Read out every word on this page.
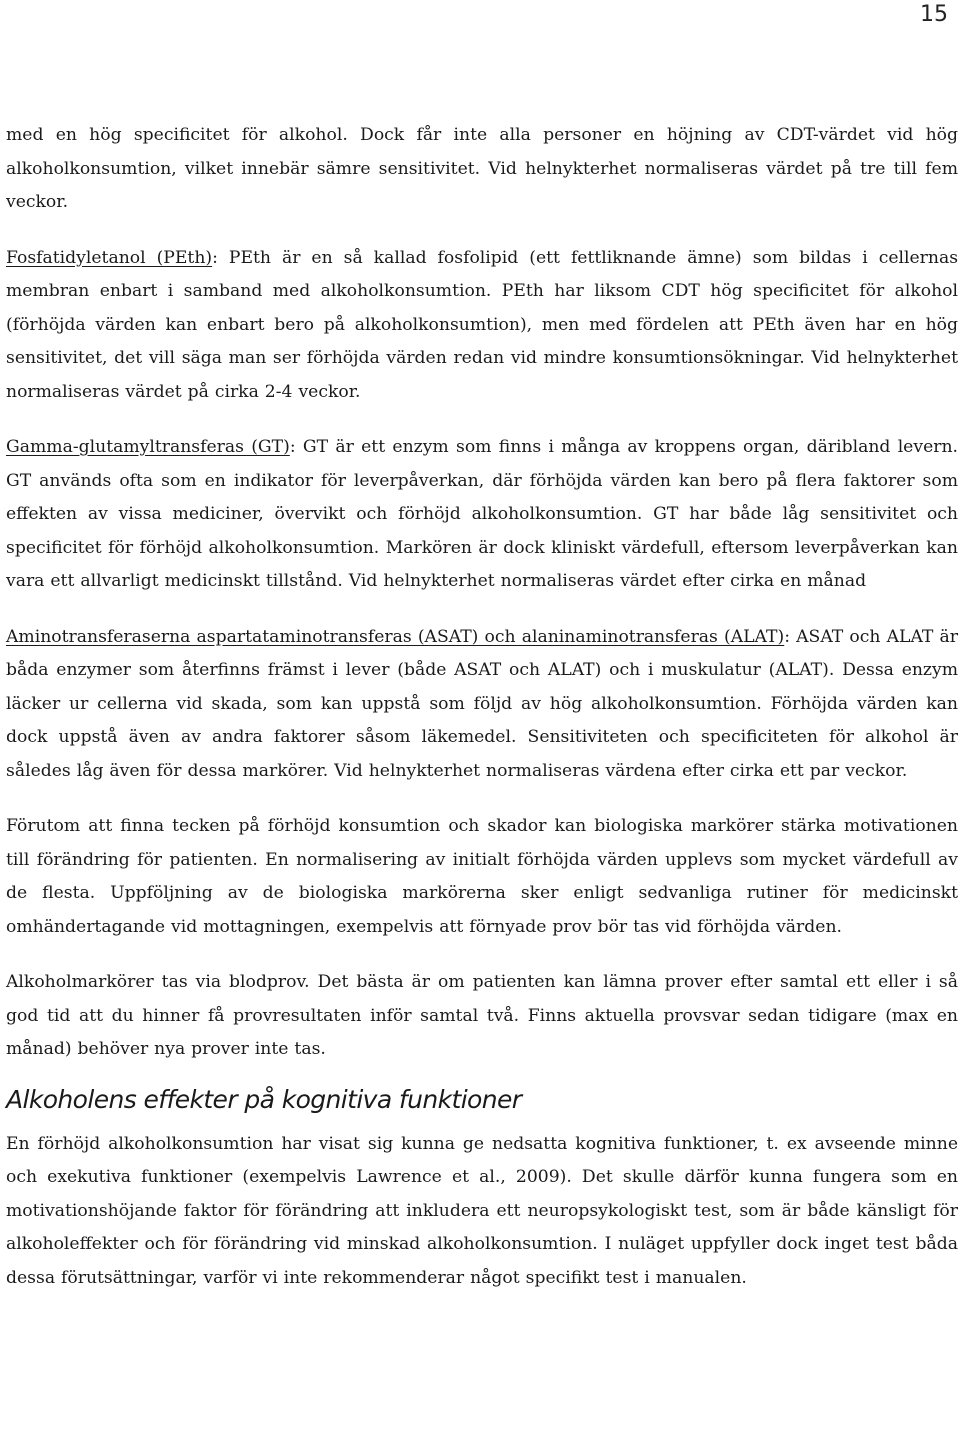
15

med en hög specificitet för alkohol. Dock får inte alla personer en höjning av CDT-värdet vid hög alkoholkonsumtion, vilket innebär sämre sensitivitet. Vid helnykterhet normaliseras värdet på tre till fem veckor.

Fosfatidyletanol (PEth): PEth är en så kallad fosfolipid (ett fettliknande ämne) som bildas i cellernas membran enbart i samband med alkoholkonsumtion. PEth har liksom CDT hög specificitet för alkohol (förhöjda värden kan enbart bero på alkoholkonsumtion), men med fördelen att PEth även har en hög sensitivitet, det vill säga man ser förhöjda värden redan vid mindre konsumtionsökningar. Vid helnykterhet normaliseras värdet på cirka 2-4 veckor.

Gamma-glutamyltransferas (GT): GT är ett enzym som finns i många av kroppens organ, däribland levern. GT används ofta som en indikator för leverpåverkan, där förhöjda värden kan bero på flera faktorer som effekten av vissa mediciner, övervikt och förhöjd alkoholkonsumtion. GT har både låg sensitivitet och specificitet för förhöjd alkoholkonsumtion. Markören är dock kliniskt värdefull, eftersom leverpåverkan kan vara ett allvarligt medicinskt tillstånd. Vid helnykterhet normaliseras värdet efter cirka en månad

Aminotransferaserna aspartataminotransferas (ASAT) och alaninaminotransferas (ALAT): ASAT och ALAT är båda enzymer som återfinns främst i lever (både ASAT och ALAT) och i muskulatur (ALAT). Dessa enzym läcker ur cellerna vid skada, som kan uppstå som följd av hög alkoholkonsumtion. Förhöjda värden kan dock uppstå även av andra faktorer såsom läkemedel. Sensitiviteten och specificiteten för alkohol är således låg även för dessa markörer. Vid helnykterhet normaliseras värdena efter cirka ett par veckor.

Förutom att finna tecken på förhöjd konsumtion och skador kan biologiska markörer stärka motivationen till förändring för patienten. En normalisering av initialt förhöjda värden upplevs som mycket värdefull av de flesta. Uppföljning av de biologiska markörerna sker enligt sedvanliga rutiner för medicinskt omhändertagande vid mottagningen, exempelvis att förnyade prov bör tas vid förhöjda värden.

Alkoholmarkörer tas via blodprov. Det bästa är om patienten kan lämna prover efter samtal ett eller i så god tid att du hinner få provresultaten inför samtal två. Finns aktuella provsvar sedan tidigare (max en månad) behöver nya prover inte tas.

Alkoholens effekter på kognitiva funktioner

En förhöjd alkoholkonsumtion har visat sig kunna ge nedsatta kognitiva funktioner, t. ex avseende minne och exekutiva funktioner (exempelvis Lawrence et al., 2009). Det skulle därför kunna fungera som en motivationshöjande faktor för förändring att inkludera ett neuropsykologiskt test, som är både känsligt för alkoholeffekter och för förändring vid minskad alkoholkonsumtion. I nuläget uppfyller dock inget test båda dessa förutsättningar, varför vi inte rekommenderar något specifikt test i manualen.
